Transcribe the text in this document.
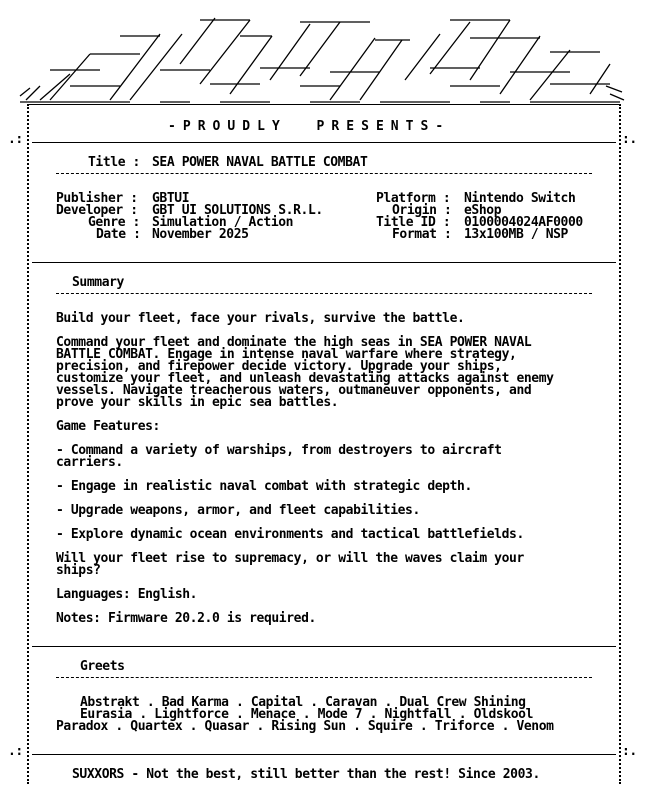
.:	:.
.:	:.
- P R O U D L Y     P R E S E N T S -
Title : SEA POWER NAVAL BATTLE COMBAT
Publisher : GBTUI
Developer : GBT UI SOLUTIONS S.R.L.
Genre : Simulation / Action
Date : November 2025
Platform : Nintendo Switch
Origin : eShop
Title ID : 0100004024AF0000
Format : 13x100MB / NSP
Summary
Build your fleet, face your rivals, survive the battle.
Command your fleet and dominate the high seas in SEA POWER NAVAL
BATTLE COMBAT. Engage in intense naval warfare where strategy,
precision, and firepower decide victory. Upgrade your ships,
customize your fleet, and unleash devastating attacks against enemy
vessels. Navigate treacherous waters, outmaneuver opponents, and
prove your skills in epic sea battles.
Game Features:
- Command a variety of warships, from destroyers to aircraft
carriers.
- Engage in realistic naval combat with strategic depth.
- Upgrade weapons, armor, and fleet capabilities.
- Explore dynamic ocean environments and tactical battlefields.
Will your fleet rise to supremacy, or will the waves claim your
ships?
Languages: English.
Notes: Firmware 20.2.0 is required.
Greets
Abstrakt . Bad Karma . Capital . Caravan . Dual Crew Shining
Eurasia . Lightforce . Menace . Mode 7 . Nightfall . Oldskool
Paradox . Quartex . Quasar . Rising Sun . Squire . Triforce . Venom
SUXXORS - Not the best, still better than the rest! Since 2003.
